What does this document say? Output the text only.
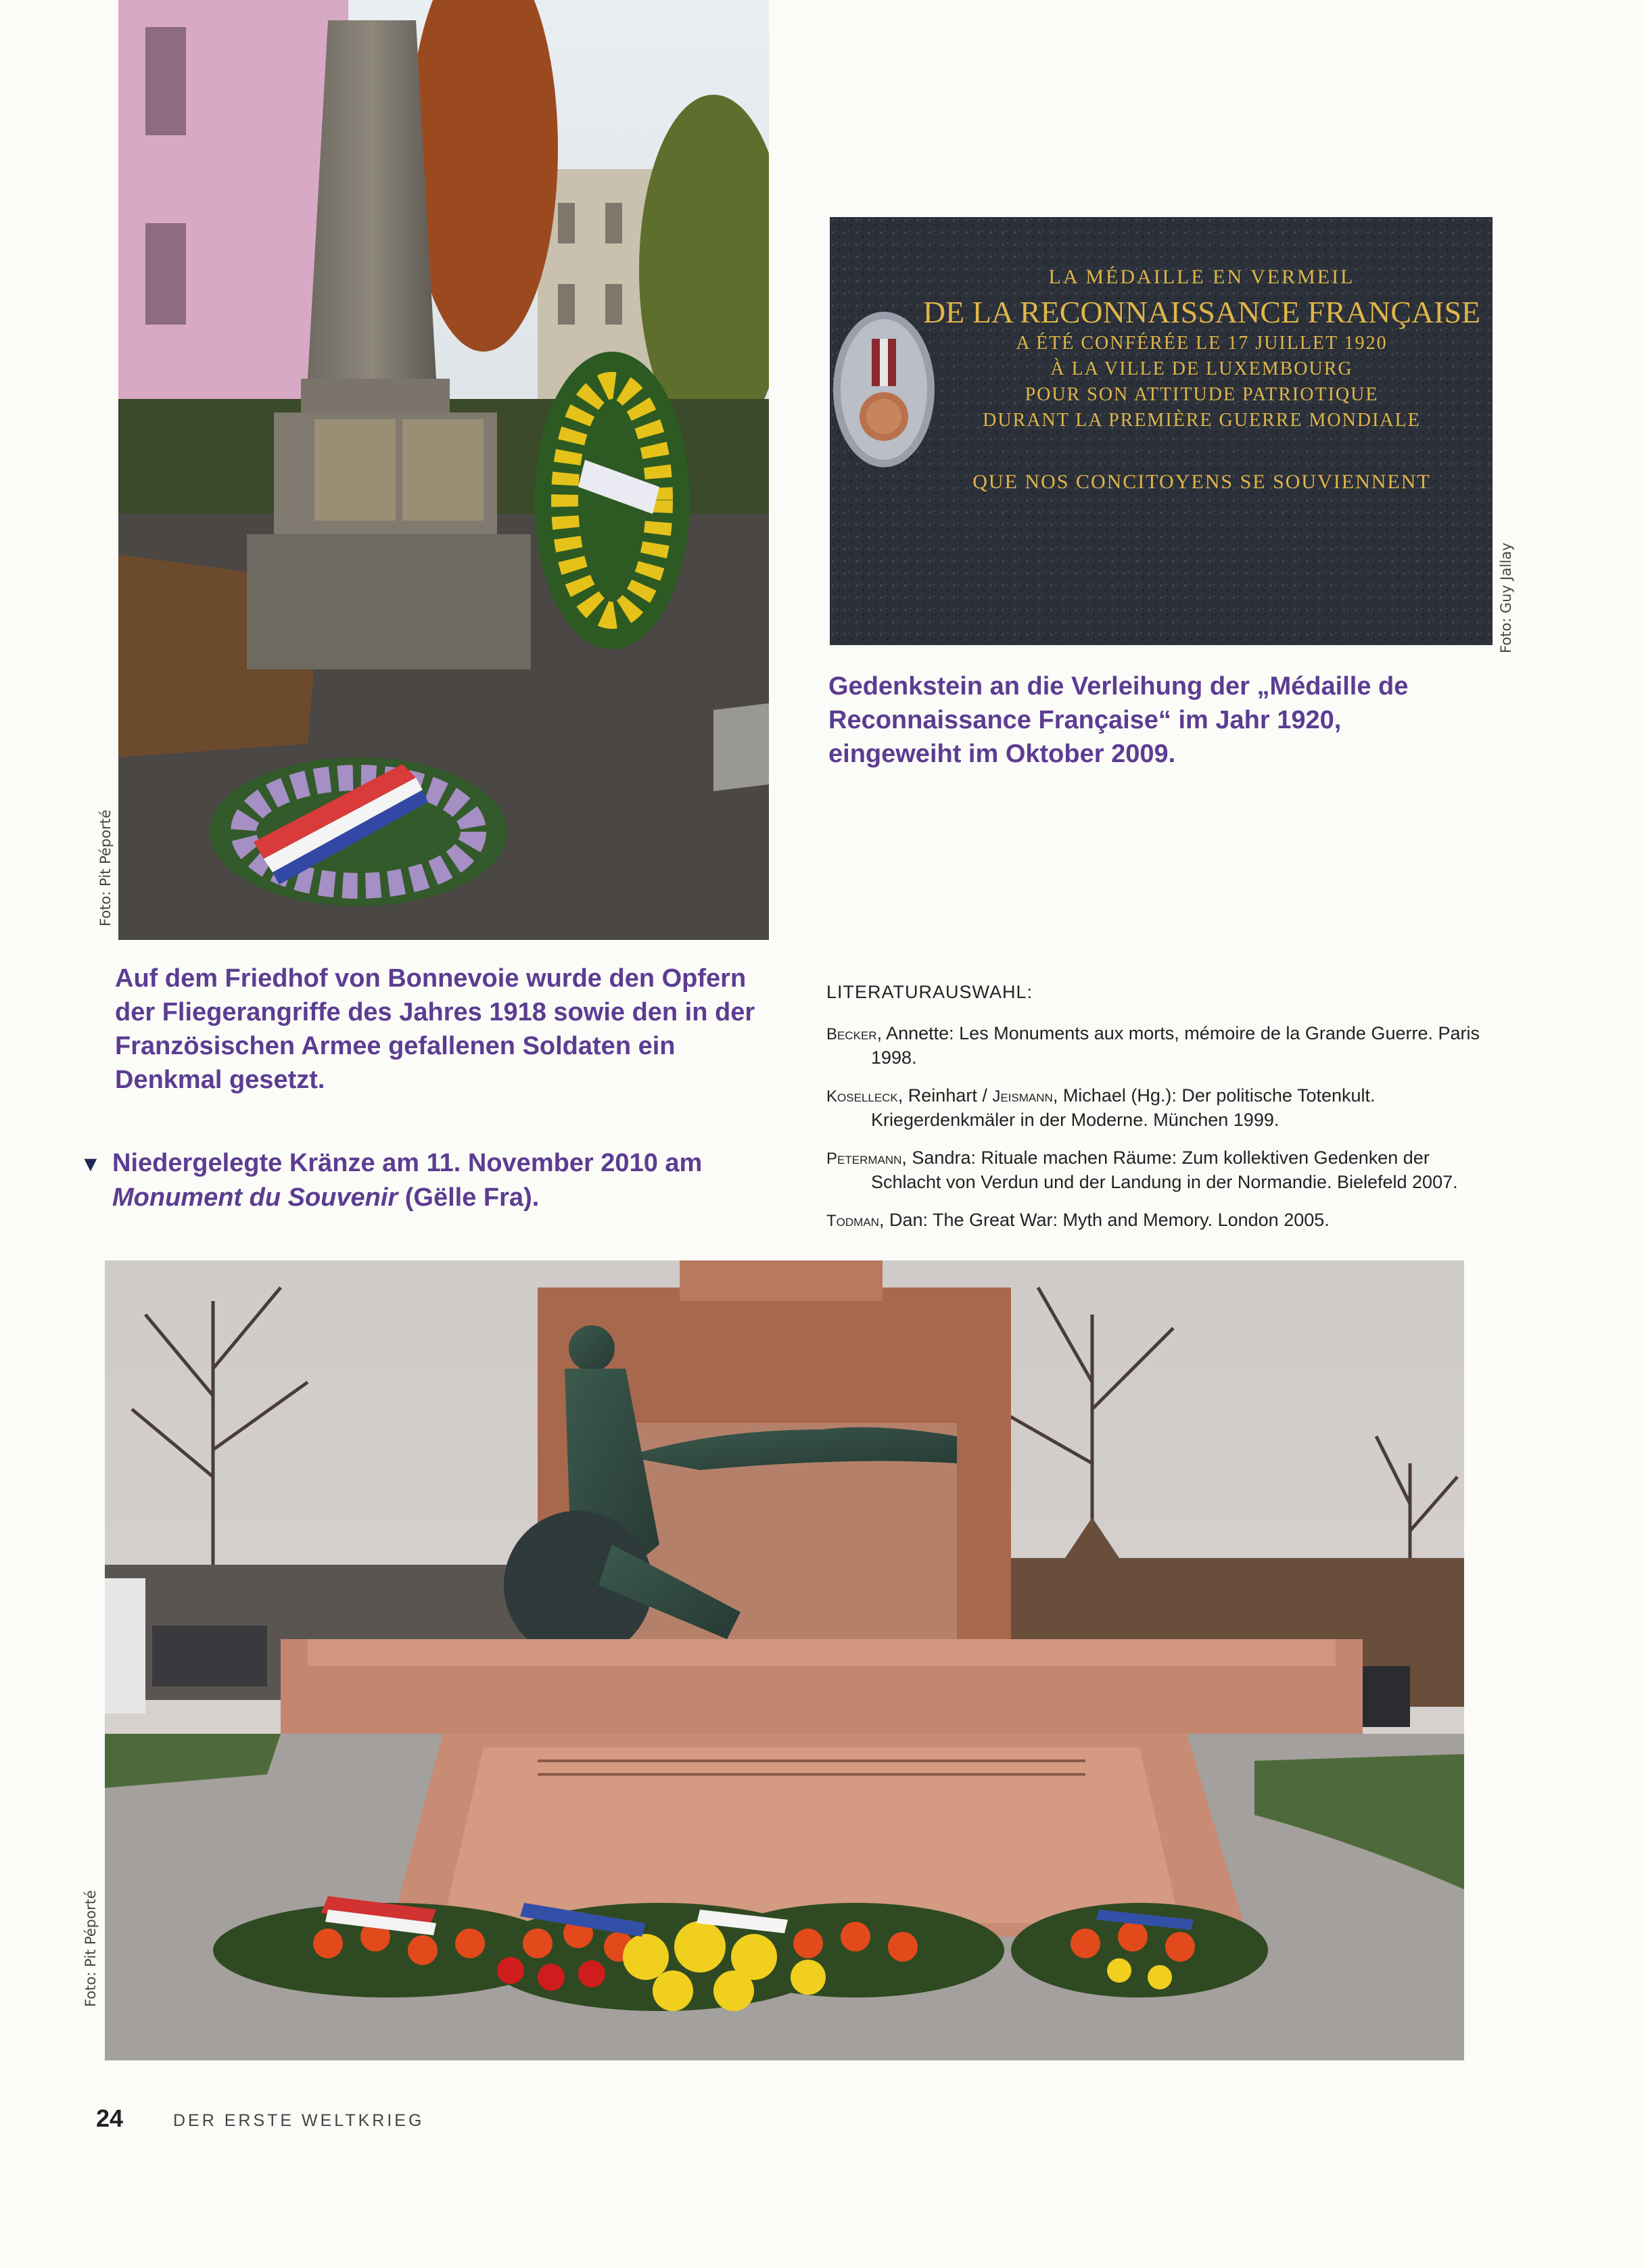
Foto: Pit Péporté
LA MÉDAILLE EN VERMEIL
DE LA RECONNAISSANCE FRANÇAISE
A ÉTÉ CONFÉRÉE LE 17 JUILLET 1920
À LA VILLE DE LUXEMBOURG
POUR SON ATTITUDE PATRIOTIQUE
DURANT LA PREMIÈRE GUERRE MONDIALE
QUE NOS CONCITOYENS SE SOUVIENNENT
Foto: Guy Jallay

Gedenkstein an die Verleihung der „Médaille de Reconnaissance Française“ im Jahr 1920, eingeweiht im Oktober 2009.

Auf dem Friedhof von Bonnevoie wurde den Opfern der Fliegerangriffe des Jahres 1918 sowie den in der Französischen Armee gefallenen Soldaten ein Denkmal gesetzt.

▼ Niedergelegte Kränze am 11. November 2010 am
Monument du Souvenir (Gëlle Fra).
LITERATURAUSWAHL:
Becker, Annette: Les Monuments aux morts, mémoire de la Grande Guerre. Paris 1998.
Koselleck, Reinhart / Jeismann, Michael (Hg.): Der politische Totenkult. Kriegerdenkmäler in der Moderne. München 1999.
Petermann, Sandra: Rituale machen Räume: Zum kollektiven Gedenken der Schlacht von Verdun und der Landung in der Normandie. Bielefeld 2007.
Todman, Dan: The Great War: Myth and Memory. London 2005.
Foto: Pit Péporté
24	DER ERSTE WELTKRIEG
